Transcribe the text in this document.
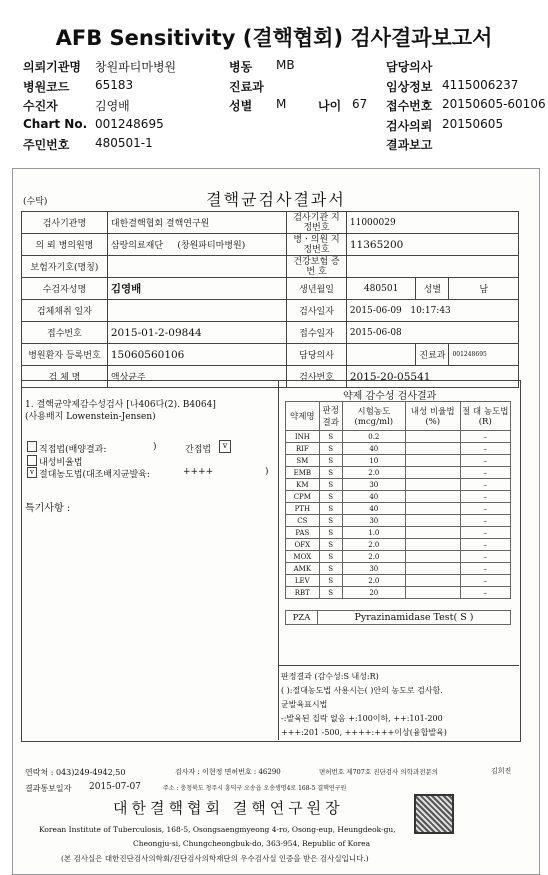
AFB Sensitivity (결핵협회) 검사결과보고서
의뢰기관명 창원파티마병원	병동 MB	담당의사
병원코드 65183	진료과	임상정보 4115006237
수진자	김영배	성별 M	나이 67 접수번호 20150605-60106
Chart No. 001248695	검사의뢰 20150605
주민번호 480501-1	결과보고
(수탁)	결핵균검사결과서
검사기관명	대한결핵협회 결핵연구원	검사기관 지정번호	11000029		
의 뢰 병의원명	삼랑의료재단 (창원파티마병원)	병ㆍ의원 지정번호	11365200		
보험자기호(명칭)		건강보험 증 번 호			
수검자성명	김영배	생년월일	480501	성별	남
검체채취 일자		검사일자	2015-06-09 10:17:43		
접수번호	2015-01-2-09844	접수일자	2015-06-08		
병원환자 등록번호	15060560106	담당의사		진료과	001248695
검 체 명	액상균주	검사번호	2015-20-05541		
1. 결핵균약제감수성검사 [나406다(2). B4064]
(사용배지 Lowenstein-Jensen)
직접법(배양결과:	)	간접법	v
내성비율법
v 절대농도법(대조배지균발육:	++++	)
특기사항 :
약제 감수성 검사결과
약제명	판정 결과	시험농도 (mcg/ml)	내성 비율법(%)	절 대 농도법(R)
INH	S	0.2		–
RIF	S	40		–
SM	S	10		–
EMB	S	2.0		–
KM	S	30		–
CPM	S	40		–
PTH	S	40		–
CS	S	30		–
PAS	S	1.0		–
OFX	S	2.0		–
MOX	S	2.0		–
AMK	S	30		–
LEV	S	2.0		–
RBT	S	20		–
PZA	Pyrazinamidase Test( S )
판정결과 (감수성:S 내성:R)
( ):절대농도법 사용시는( )안의 농도로 검사함.
균발육표시법
-:발육된 집락 없음 +:100이하, ++:101-200
+++:201 -500, ++++:+++이상(융합발육)
연락처 : 043)249-4942,50	검사자 : 이현정 면허번호 : 46290	면허번호 제707호 진단검사 의학과전문의	김희진
결과통보일자 2015-07-07	주소 : 충청북도 청주시 흥덕구 오송읍 오송생명4로 168-5 결핵연구원
대한결핵협회 결핵연구원장
Korean Institute of Tuberculosis, 168-5, Osongsaengmyeong 4-ro, Osong-eup, Heungdeok-gu,
Cheongju-si, Chungcheongbuk-do, 363-954, Republic of Korea
(본 검사실은 대한진단검사의학회/진단검사의학재단의 우수검사실 인증을 받은 검사실입니다.)
